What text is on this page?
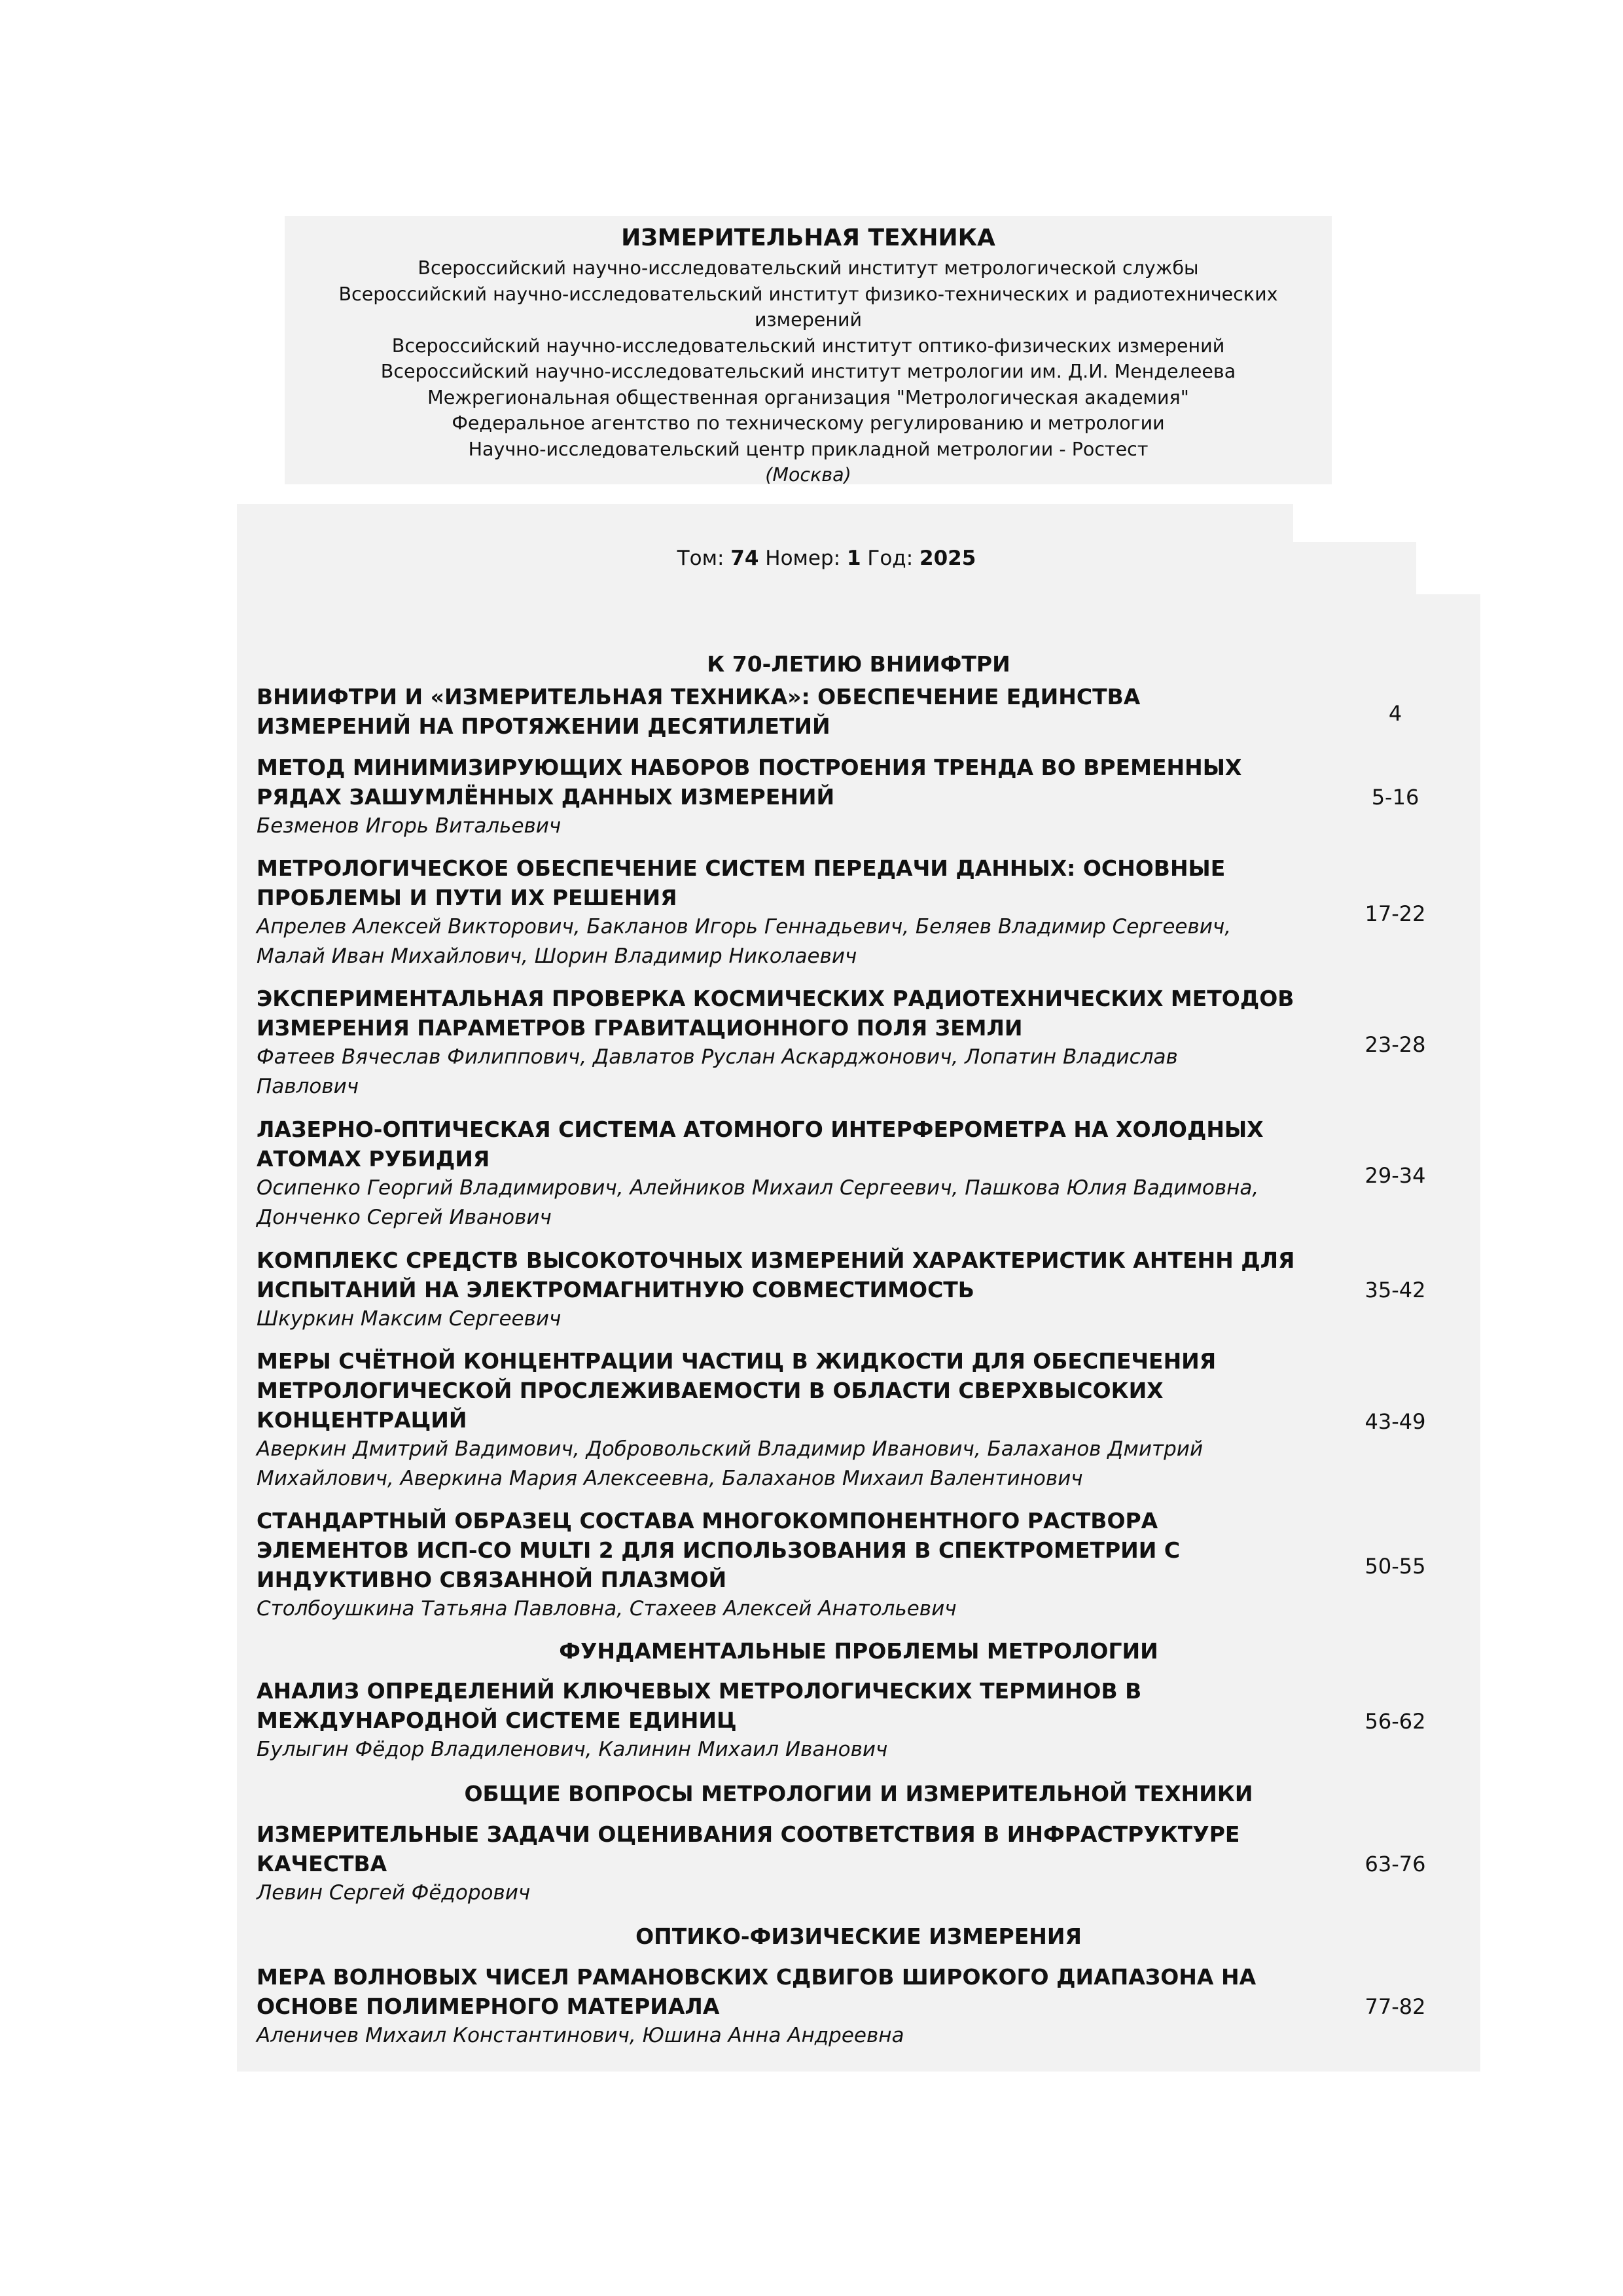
ИЗМЕРИТЕЛЬНАЯ ТЕХНИКА
Всероссийский научно-исследовательский институт метрологической службы
Всероссийский научно-исследовательский институт физико-технических и радиотехнических измерений
Всероссийский научно-исследовательский институт оптико-физических измерений
Всероссийский научно-исследовательский институт метрологии им. Д.И. Менделеева
Межрегиональная общественная организация "Метрологическая академия"
Федеральное агентство по техническому регулированию и метрологии
Научно-исследовательский центр прикладной метрологии - Ростест
(Москва)
Том: 74 Номер: 1 Год: 2025
К 70-ЛЕТИЮ ВНИИФТРИ
ВНИИФТРИ И «ИЗМЕРИТЕЛЬНАЯ ТЕХНИКА»: ОБЕСПЕЧЕНИЕ ЕДИНСТВА
ИЗМЕРЕНИЙ НА ПРОТЯЖЕНИИ ДЕСЯТИЛЕТИЙ	4
МЕТОД МИНИМИЗИРУЮЩИХ НАБОРОВ ПОСТРОЕНИЯ ТРЕНДА ВО ВРЕМЕННЫХ
РЯДАХ ЗАШУМЛЁННЫХ ДАННЫХ ИЗМЕРЕНИЙ
Безменов Игорь Витальевич
5-16
МЕТРОЛОГИЧЕСКОЕ ОБЕСПЕЧЕНИЕ СИСТЕМ ПЕРЕДАЧИ ДАННЫХ: ОСНОВНЫЕ
ПРОБЛЕМЫ И ПУТИ ИХ РЕШЕНИЯ
Апрелев Алексей Викторович, Бакланов Игорь Геннадьевич, Беляев Владимир Сергеевич,
Малай Иван Михайлович, Шорин Владимир Николаевич
17-22
ЭКСПЕРИМЕНТАЛЬНАЯ ПРОВЕРКА КОСМИЧЕСКИХ РАДИОТЕХНИЧЕСКИХ МЕТОДОВ
ИЗМЕРЕНИЯ ПАРАМЕТРОВ ГРАВИТАЦИОННОГО ПОЛЯ ЗЕМЛИ
Фатеев Вячеслав Филиппович, Давлатов Руслан Аскарджонович, Лопатин Владислав
Павлович
23-28
ЛАЗЕРНО-ОПТИЧЕСКАЯ СИСТЕМА АТОМНОГО ИНТЕРФЕРОМЕТРА НА ХОЛОДНЫХ
АТОМАХ РУБИДИЯ
Осипенко Георгий Владимирович, Алейников Михаил Сергеевич, Пашкова Юлия Вадимовна,
Донченко Сергей Иванович
29-34
КОМПЛЕКС СРЕДСТВ ВЫСОКОТОЧНЫХ ИЗМЕРЕНИЙ ХАРАКТЕРИСТИК АНТЕНН ДЛЯ
ИСПЫТАНИЙ НА ЭЛЕКТРОМАГНИТНУЮ СОВМЕСТИМОСТЬ
Шкуркин Максим Сергеевич
35-42
МЕРЫ СЧЁТНОЙ КОНЦЕНТРАЦИИ ЧАСТИЦ В ЖИДКОСТИ ДЛЯ ОБЕСПЕЧЕНИЯ
МЕТРОЛОГИЧЕСКОЙ ПРОСЛЕЖИВАЕМОСТИ В ОБЛАСТИ СВЕРХВЫСОКИХ
КОНЦЕНТРАЦИЙ
Аверкин Дмитрий Вадимович, Добровольский Владимир Иванович, Балаханов Дмитрий
Михайлович, Аверкина Мария Алексеевна, Балаханов Михаил Валентинович
43-49
СТАНДАРТНЫЙ ОБРАЗЕЦ СОСТАВА МНОГОКОМПОНЕНТНОГО РАСТВОРА
ЭЛЕМЕНТОВ ИСП-СО MULTI 2 ДЛЯ ИСПОЛЬЗОВАНИЯ В СПЕКТРОМЕТРИИ С
ИНДУКТИВНО СВЯЗАННОЙ ПЛАЗМОЙ
Столбоушкина Татьяна Павловна, Стахеев Алексей Анатольевич
50-55
ФУНДАМЕНТАЛЬНЫЕ ПРОБЛЕМЫ МЕТРОЛОГИИ
АНАЛИЗ ОПРЕДЕЛЕНИЙ КЛЮЧЕВЫХ МЕТРОЛОГИЧЕСКИХ ТЕРМИНОВ В
МЕЖДУНАРОДНОЙ СИСТЕМЕ ЕДИНИЦ
Булыгин Фёдор Владиленович, Калинин Михаил Иванович
56-62
ОБЩИЕ ВОПРОСЫ МЕТРОЛОГИИ И ИЗМЕРИТЕЛЬНОЙ ТЕХНИКИ
ИЗМЕРИТЕЛЬНЫЕ ЗАДАЧИ ОЦЕНИВАНИЯ СООТВЕТСТВИЯ В ИНФРАСТРУКТУРЕ
КАЧЕСТВА
Левин Сергей Фёдорович
63-76
ОПТИКО-ФИЗИЧЕСКИЕ ИЗМЕРЕНИЯ
МЕРА ВОЛНОВЫХ ЧИСЕЛ РАМАНОВСКИХ СДВИГОВ ШИРОКОГО ДИАПАЗОНА НА
ОСНОВЕ ПОЛИМЕРНОГО МАТЕРИАЛА
Аленичев Михаил Константинович, Юшина Анна Андреевна
77-82
